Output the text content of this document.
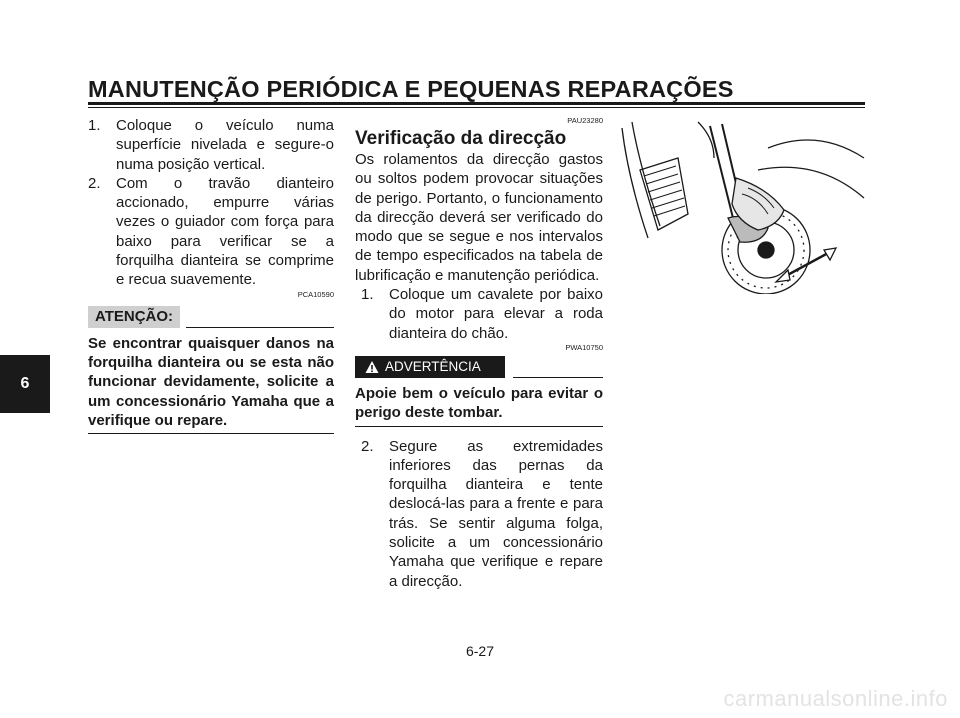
MANUTENÇÃO PERIÓDICA E PEQUENAS REPARAÇÕES
6
1.	Coloque o veículo numa superfície nivelada e segure-o numa posição vertical.
2.	Com o travão dianteiro accionado, empurre várias vezes o guiador com força para baixo para verificar se a forquilha dianteira se comprime e recua suavemente.
PCA10590
ATENÇÃO:
Se encontrar quaisquer danos na forquilha dianteira ou se esta não funcionar devidamente, solicite a um concessionário Yamaha que a verifique ou repare.
PAU23280
Verificação da direcção
Os rolamentos da direcção gastos ou soltos podem provocar situações de perigo. Portanto, o funcionamento da direcção deverá ser verificado do modo que se segue e nos intervalos de tempo especificados na tabela de lubrificação e manutenção periódica.
1.	Coloque um cavalete por baixo do motor para elevar a roda dianteira do chão.
PWA10750
ADVERTÊNCIA
Apoie bem o veículo para evitar o perigo deste tombar.
2.	Segure as extremidades inferiores das pernas da forquilha dianteira e tente deslocá-las para a frente e para trás. Se sentir alguma folga, solicite a um concessionário Yamaha que verifique e repare a direcção.
6-27
carmanualsonline.info
